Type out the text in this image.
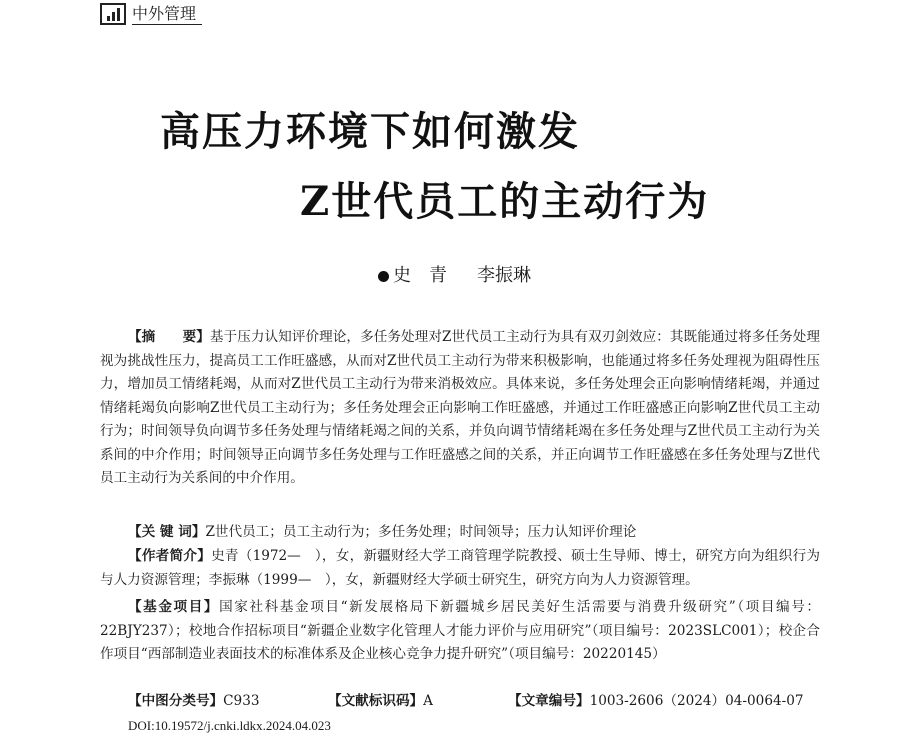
中外管理
高压力环境下如何激发
Z世代员工的主动行为
史　青 李振琳
【摘　　要】基于压力认知评价理论，多任务处理对Z世代员工主动行为具有双刃剑效应：其既能通过将多任务处理视为挑战性压力，提高员工工作旺盛感，从而对Z世代员工主动行为带来积极影响，也能通过将多任务处理视为阻碍性压力，增加员工情绪耗竭，从而对Z世代员工主动行为带来消极效应。具体来说，多任务处理会正向影响情绪耗竭，并通过情绪耗竭负向影响Z世代员工主动行为；多任务处理会正向影响工作旺盛感，并通过工作旺盛感正向影响Z世代员工主动行为；时间领导负向调节多任务处理与情绪耗竭之间的关系，并负向调节情绪耗竭在多任务处理与Z世代员工主动行为关系间的中介作用；时间领导正向调节多任务处理与工作旺盛感之间的关系，并正向调节工作旺盛感在多任务处理与Z世代员工主动行为关系间的中介作用。
【关 键 词】Z世代员工；员工主动行为；多任务处理；时间领导；压力认知评价理论
【作者简介】史青（1972—　），女，新疆财经大学工商管理学院教授、硕士生导师、博士，研究方向为组织行为与人力资源管理；李振琳（1999—　），女，新疆财经大学硕士研究生，研究方向为人力资源管理。
【基金项目】国家社科基金项目“新发展格局下新疆城乡居民美好生活需要与消费升级研究”（项目编号：22BJY237）；校地合作招标项目“新疆企业数字化管理人才能力评价与应用研究”（项目编号：2023SLC001）；校企合作项目“西部制造业表面技术的标准体系及企业核心竞争力提升研究”（项目编号：20220145）
【中图分类号】C933	【文献标识码】A	【文章编号】1003-2606（2024）04-0064-07
DOI:10.19572/j.cnki.ldkx.2024.04.023
